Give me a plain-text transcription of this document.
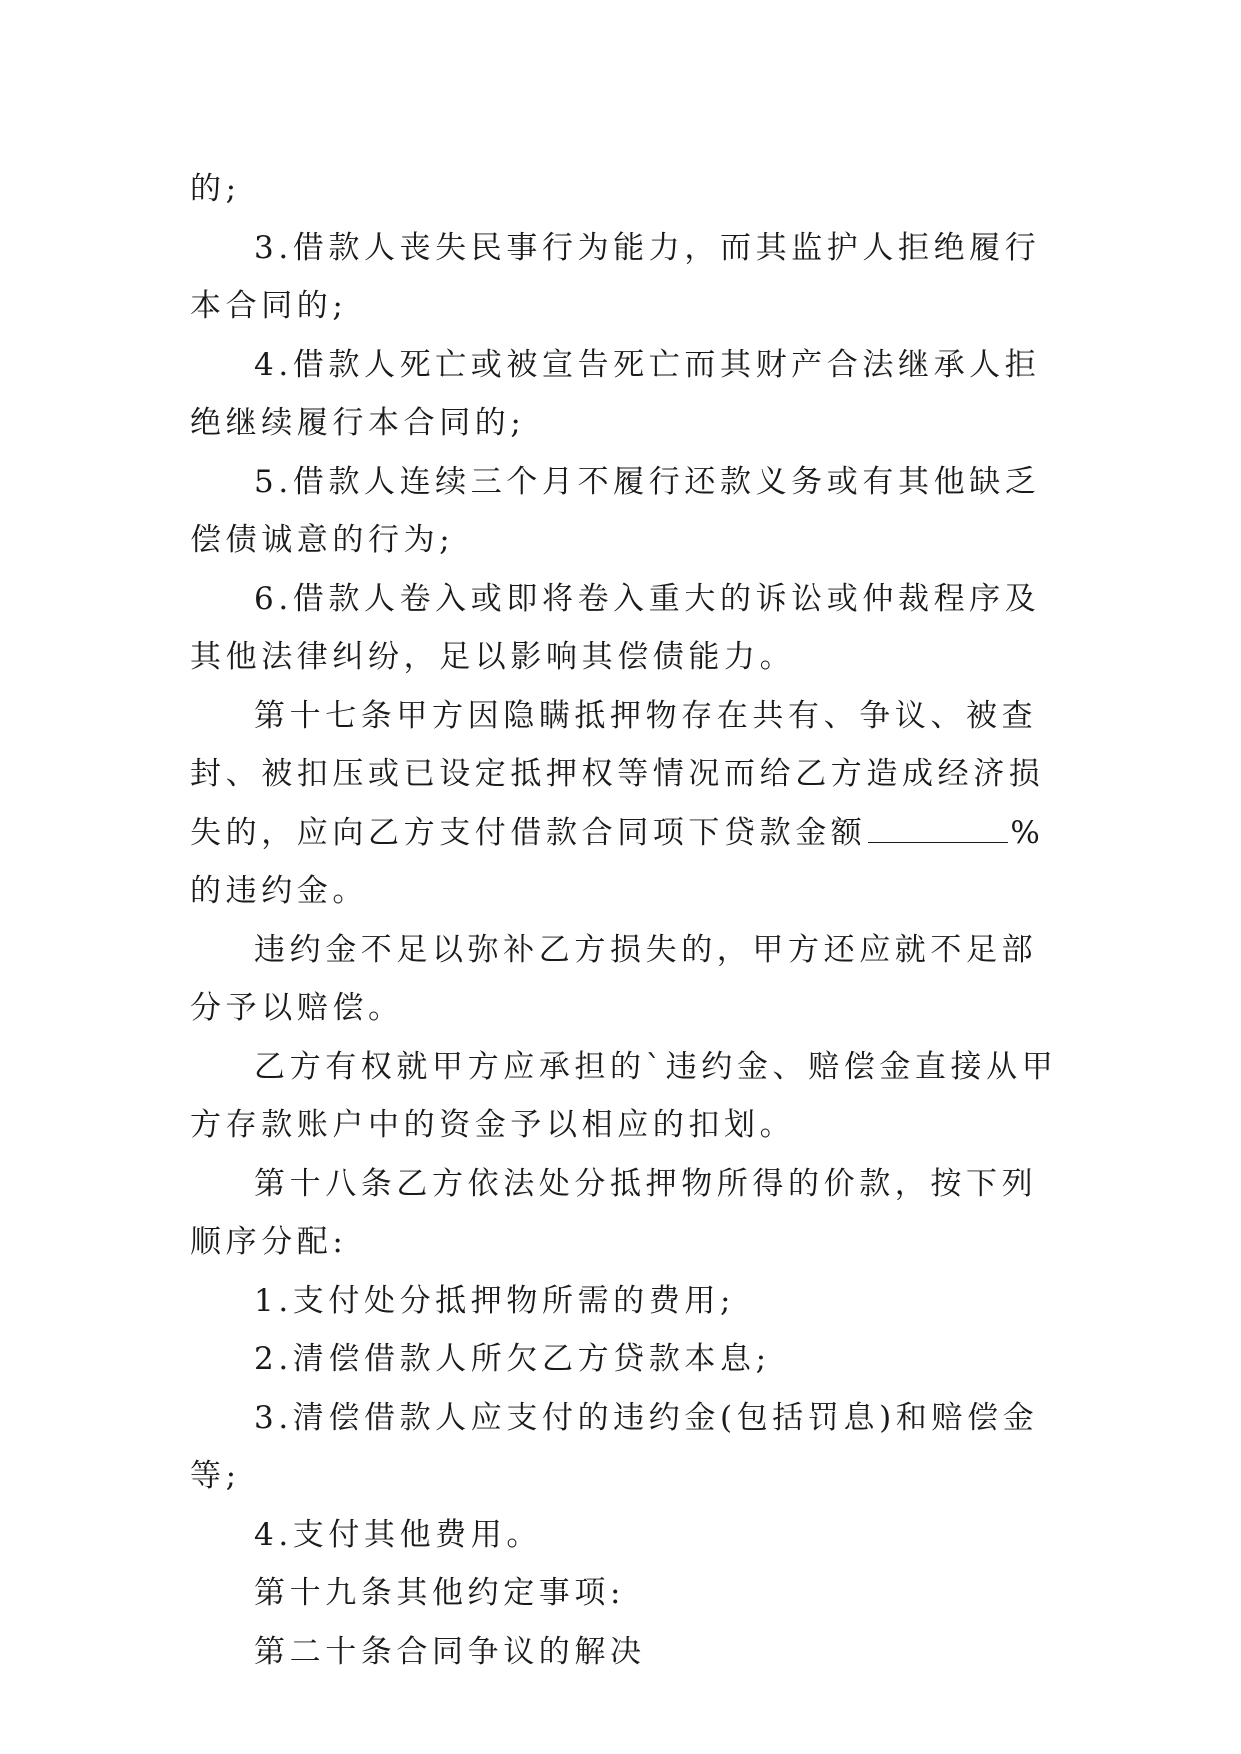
的;

3.借款人丧失民事行为能力，而其监护人拒绝履行本合同的;

4.借款人死亡或被宣告死亡而其财产合法继承人拒绝继续履行本合同的;

5.借款人连续三个月不履行还款义务或有其他缺乏偿债诚意的行为;

6.借款人卷入或即将卷入重大的诉讼或仲裁程序及其他法律纠纷，足以影响其偿债能力。

第十七条甲方因隐瞒抵押物存在共有、争议、被查封、被扣压或已设定抵押权等情况而给乙方造成经济损失的，应向乙方支付借款合同项下贷款金额	%的违约金。

违约金不足以弥补乙方损失的，甲方还应就不足部分予以赔偿。

乙方有权就甲方应承担的`违约金、赔偿金直接从甲方存款账户中的资金予以相应的扣划。

第十八条乙方依法处分抵押物所得的价款，按下列顺序分配:

1.支付处分抵押物所需的费用;

2.清偿借款人所欠乙方贷款本息;

3.清偿借款人应支付的违约金(包括罚息)和赔偿金等;

4.支付其他费用。

第十九条其他约定事项:

第二十条合同争议的解决
